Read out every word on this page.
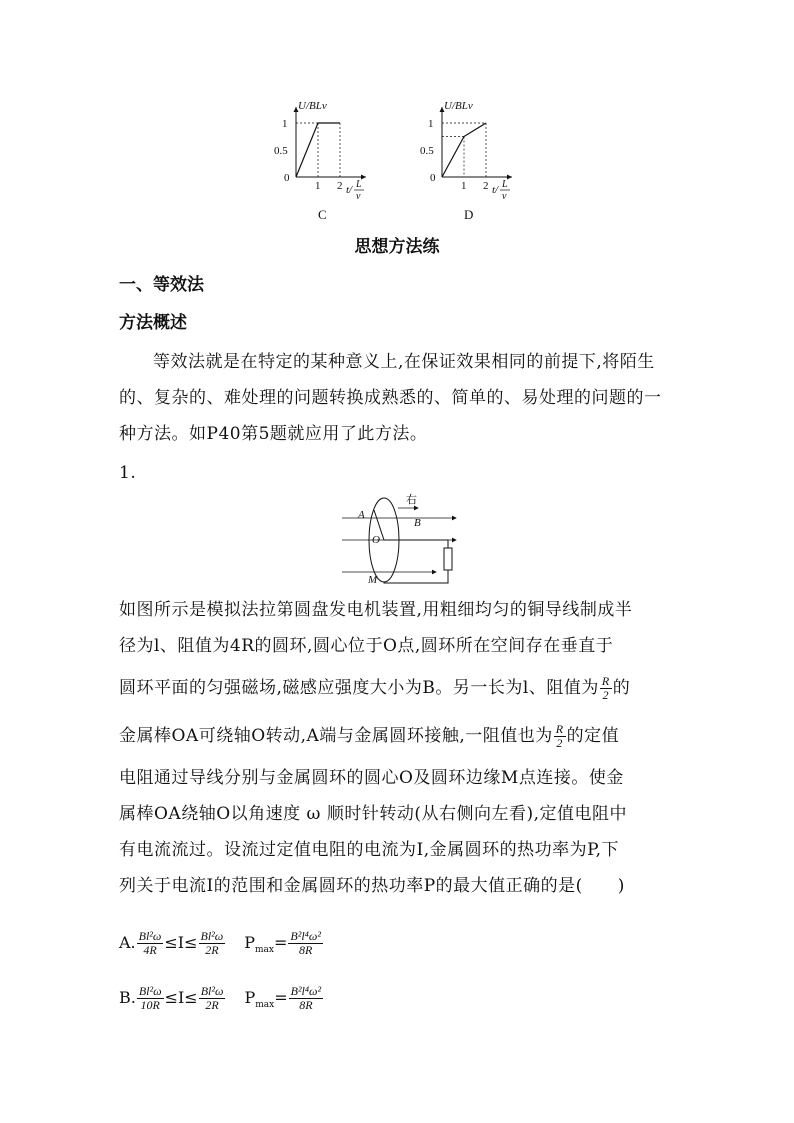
U/BLv
1
0.5
0
1 2 t/ L
v
C
U/BLv
1
0.5
0
1 2 t/ L
v
D
思想方法练
一、等效法
方法概述
等效法就是在特定的某种意义上,在保证效果相同的前提下,将陌生的、复杂的、难处理的问题转换成熟悉的、简单的、易处理的问题的一种方法。如P40第5题就应用了此方法。
1.
右
A
B
O
M
如图所示是模拟法拉第圆盘发电机装置,用粗细均匀的铜导线制成半
径为l、阻值为4R的圆环,圆心位于O点,圆环所在空间存在垂直于
圆环平面的匀强磁场,磁感应强度大小为B。另一长为l、阻值为 $\frac{R}{2}$ 的
金属棒OA可绕轴O转动,A端与金属圆环接触,一阻值也为 $\frac{R}{2}$ 的定值
电阻通过导线分别与金属圆环的圆心O及圆环边缘M点连接。使金
属棒OA绕轴O以角速度 ω 顺时针转动(从右侧向左看),定值电阻中
有电流流过。设流过定值电阻的电流为I,金属圆环的热功率为P,下
列关于电流I的范围和金属圆环的热功率P的最大值正确的是(　　)
A. $\frac{\text{Bl²ω}}{4R} \le I\le \frac{\text{Bl²ω}}{2R} P_{max}= \frac{\text{B²l⁴ω²}}{8R}$
B. $\frac{\text{Bl²ω}}{10R} \le I\le \frac{\text{Bl²ω}}{2R} P_{max}= \frac{\text{B²l⁴ω²}}{8R}$
